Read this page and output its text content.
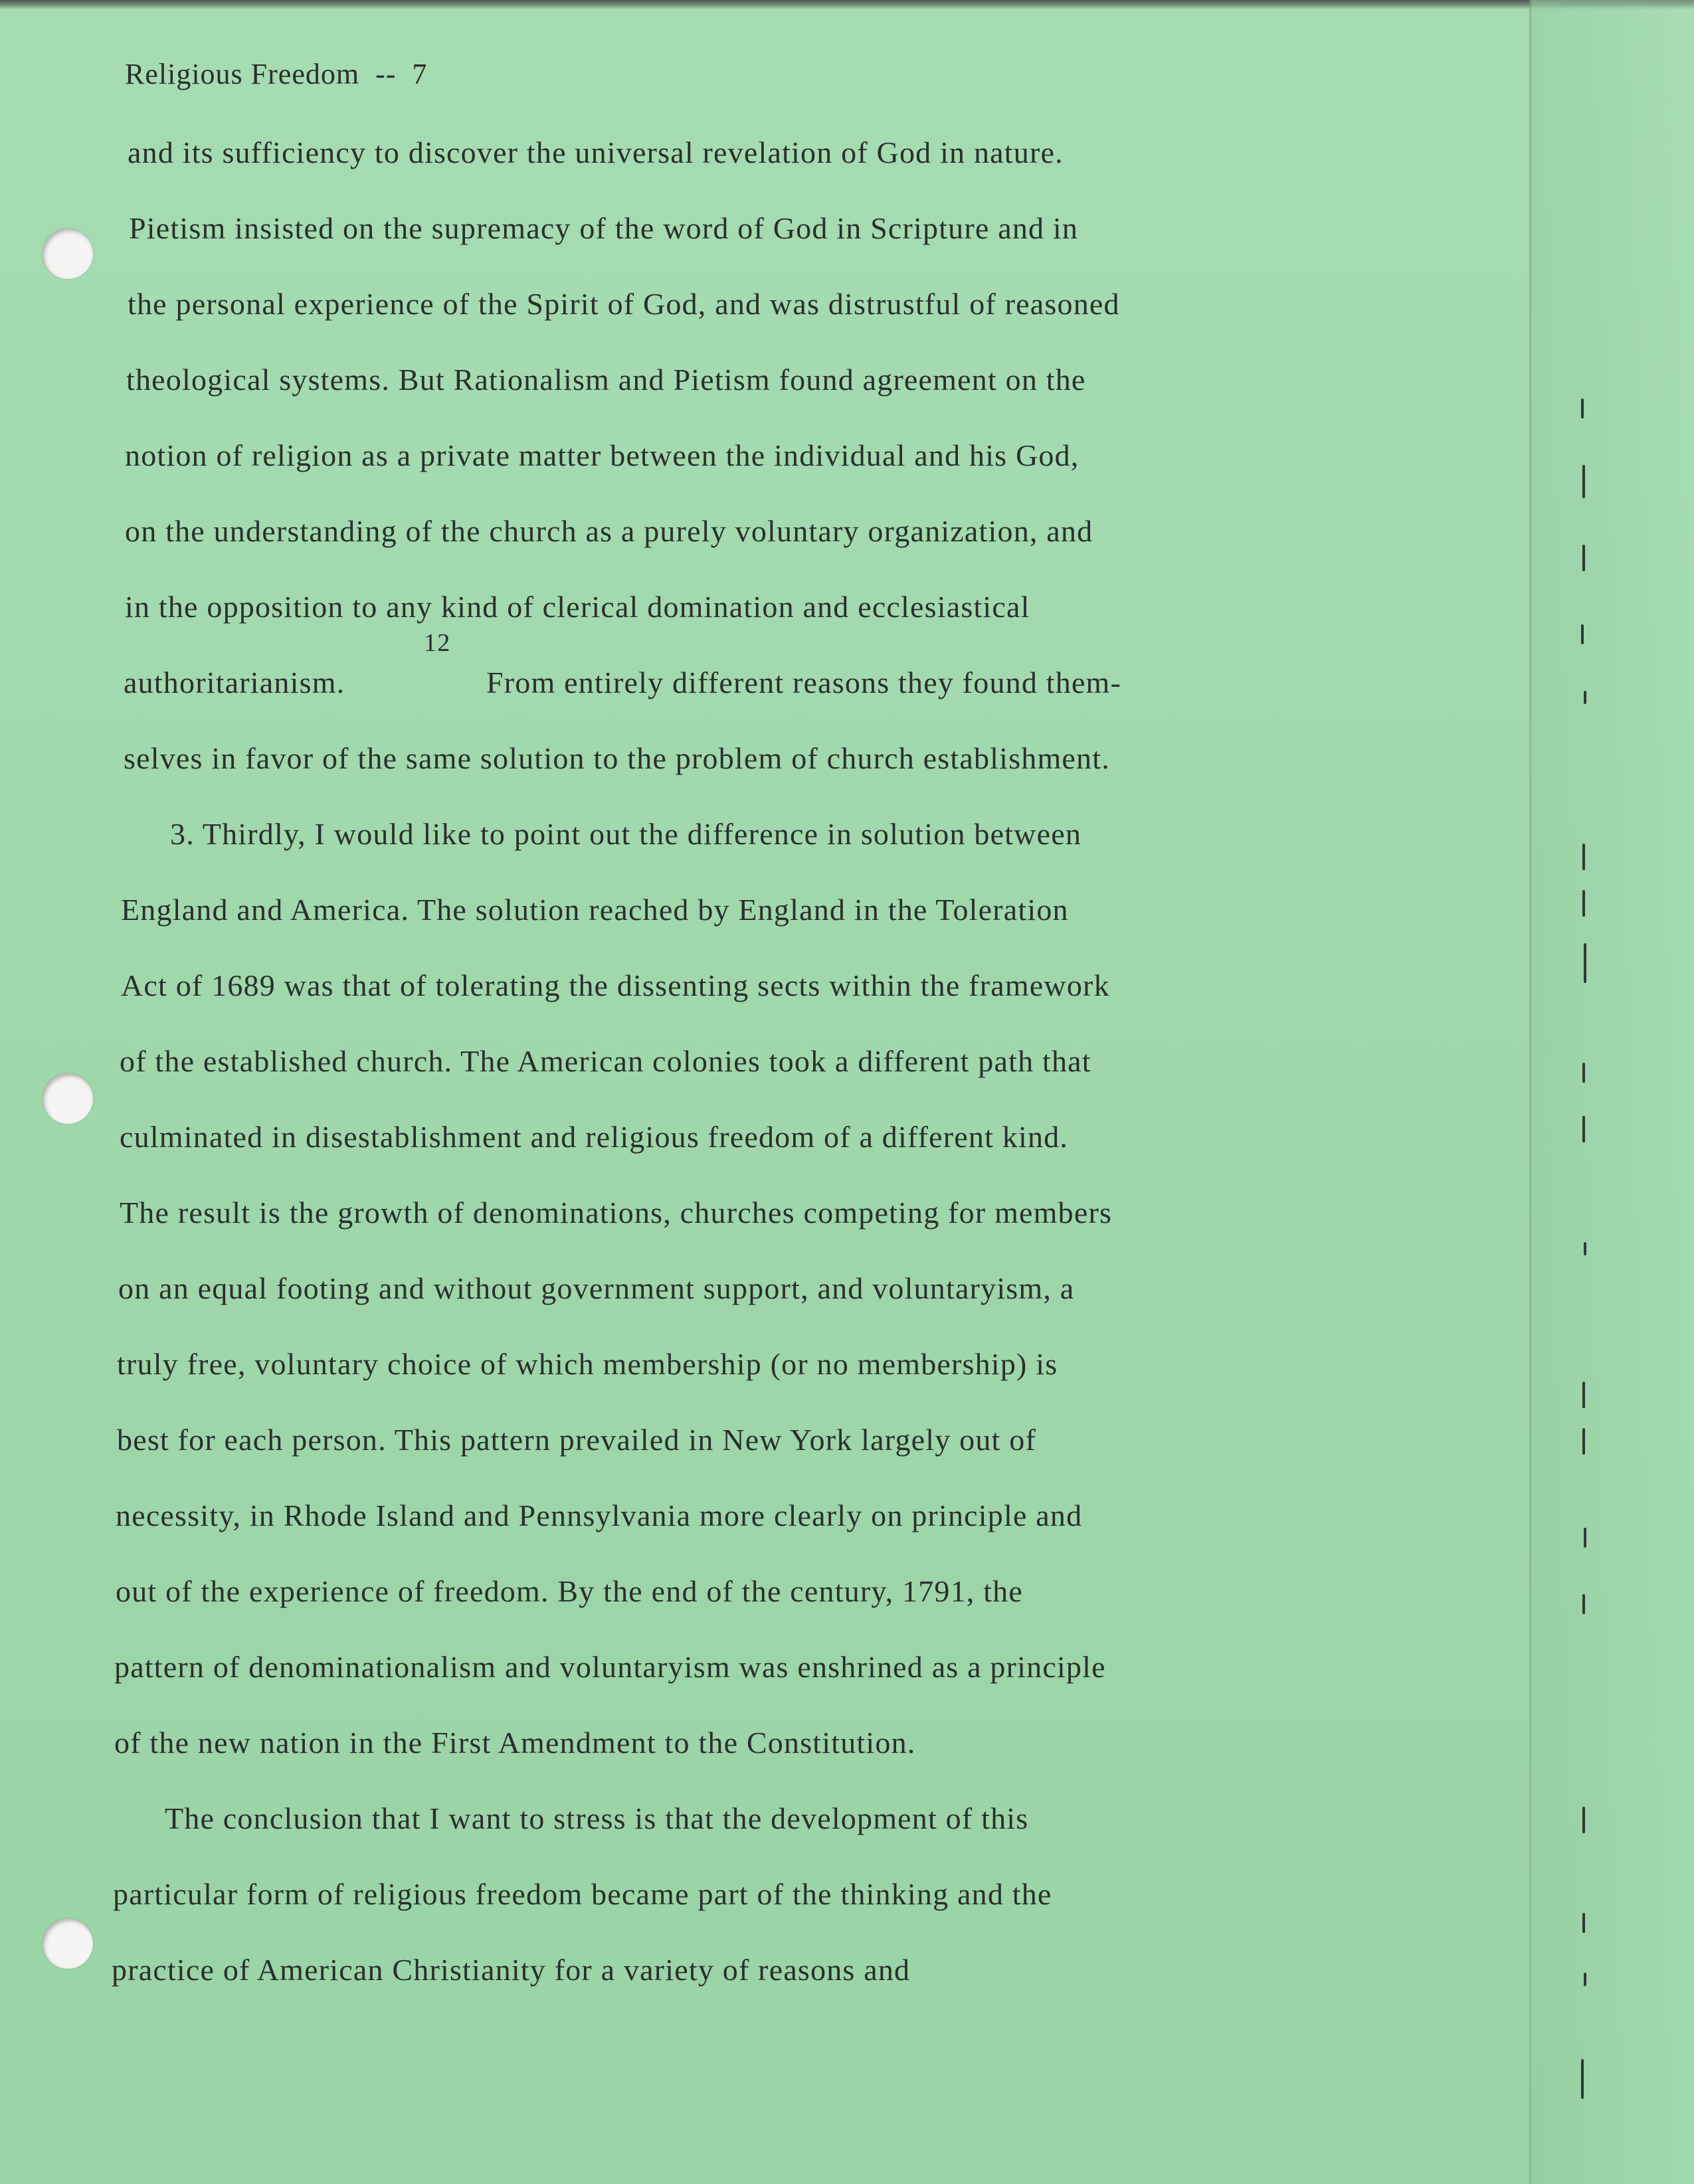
Religious Freedom  --  7
and its sufficiency to discover the universal revelation of God in nature.
Pietism insisted on the supremacy of the word of God in Scripture and in
the personal experience of the Spirit of God, and was distrustful of reasoned
theological systems. But Rationalism and Pietism found agreement on the
notion of religion as a private matter between the individual and his God,
on the understanding of the church as a purely voluntary organization, and
in the opposition to any kind of clerical domination and ecclesiastical
authoritarianism.
12
From entirely different reasons they found them-
selves in favor of the same solution to the problem of church establishment.
3. Thirdly, I would like to point out the difference in solution between
England and America. The solution reached by England in the Toleration
Act of 1689 was that of tolerating the dissenting sects within the framework
of the established church. The American colonies took a different path that
culminated in disestablishment and religious freedom of a different kind.
The result is the growth of denominations, churches competing for members
on an equal footing and without government support, and voluntaryism, a
truly free, voluntary choice of which membership (or no membership) is
best for each person. This pattern prevailed in New York largely out of
necessity, in Rhode Island and Pennsylvania more clearly on principle and
out of the experience of freedom. By the end of the century, 1791, the
pattern of denominationalism and voluntaryism was enshrined as a principle
of the new nation in the First Amendment to the Constitution.
The conclusion that I want to stress is that the development of this
particular form of religious freedom became part of the thinking and the
practice of American Christianity for a variety of reasons and
